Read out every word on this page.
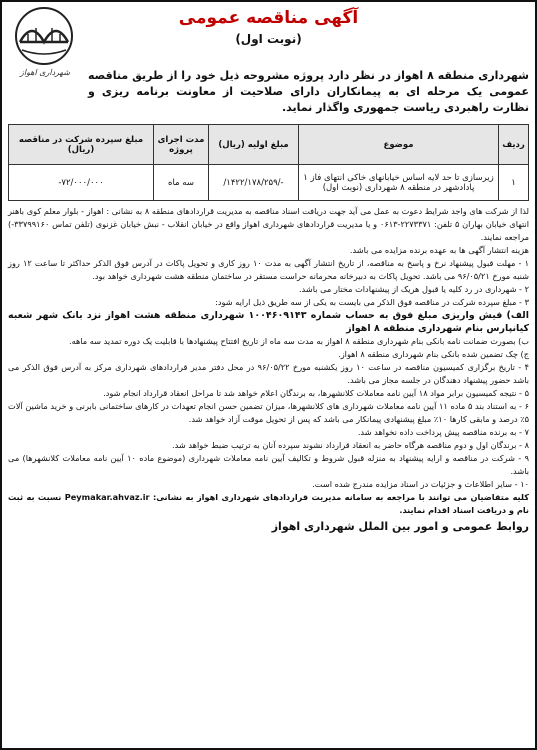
شهرداری اهواز
آگهی مناقصه عمومی
(نوبت اول)
شهرداری منطقه ۸ اهواز در نظر دارد پروژه مشروحه ذیل خود را از طریق مناقصه عمومی یک مرحله ای به پیمانکاران دارای صلاحیت از معاونت برنامه ریزی و نظارت راهبردی ریاست جمهوری واگذار نماید.
ردیف	موضوع	مبلغ اولیه (ریال)	مدت اجرای پروژه	مبلغ سپرده شرکت در مناقصه (ریال)
۱	زیرسازی تا حد لایه اساس خیابانهای خاکی انتهای فاز ۱ پادادشهر در منطقه ۸ شهرداری (نوبت اول)	-/۱۴۲۲/۱۷۸/۲۵۹/	سه ماه	۷۲/۰۰۰/۰۰۰-

لذا از شرکت های واجد شرایط دعوت به عمل می آید جهت دریافت اسناد مناقصه به مدیریت قراردادهای منطقه ۸ به نشانی : اهواز - بلوار معلم کوی باهنر انتهای خیابان بهاران ۵ تلفن: ۲۲۷۳۳۷۱-۰۶۱۳ و یا مدیریت قراردادهای شهرداری اهواز واقع در خیابان انقلاب - نبش خیابان غزنوی (تلفن تماس ۳۳۷۹۹۱۶۰-) مراجعه نمایند.

هزینه انتشار آگهی ها به عهده برنده مزایده می باشد.

۱ - مهلت قبول پیشنهاد نرخ و پاسخ به مناقصه، از تاریخ انتشار آگهی به مدت ۱۰ روز کاری و تحویل پاکات در آدرس فوق الذکر حداکثر تا ساعت ۱۲ روز شنبه مورخ ۹۶/۰۵/۲۱ می باشد. تحویل پاکات به دبیرخانه محرمانه حراست مستقر در ساختمان منطقه هشت شهرداری خواهد بود.

۲ - شهرداری در رد کلیه یا قبول هریک از پیشنهادات مختار می باشد.

۳ - مبلغ سپرده شرکت در مناقصه فوق الذکر می بایست به یکی از سه طریق ذیل ارایه شود:

الف) فیش واریزی مبلغ فوق به حساب شماره ۱۰۰۴۶۰۹۱۴۳ شهرداری منطقه هشت اهواز نزد بانک شهر شعبه کیانپارس بنام شهرداری منطقه ۸ اهواز

ب) بصورت ضمانت نامه بانکی بنام شهرداری منطقه ۸ اهواز به مدت سه ماه از تاریخ افتتاح پیشنهادها با قابلیت یک دوره تمدید سه ماهه.

ج) چک تضمین شده بانکی بنام شهرداری منطقه ۸ اهواز.

۴ - تاریخ برگزاری کمیسیون مناقصه در ساعت ۱۰ روز یکشنبه مورخ ۹۶/۰۵/۲۲ در محل دفتر مدیر قراردادهای شهرداری مرکز به آدرس فوق الذکر می باشد حضور پیشنهاد دهندگان در جلسه مجاز می باشد.

۵ - نتیجه کمیسیون برابر مواد ۱۸ آیین نامه معاملات کلانشهرها، به برندگان اعلام خواهد شد تا مراحل انعقاد قرارداد انجام شود.

۶ - به استناد بند ۵ ماده ۱۱ آیین نامه معاملات شهرداری های کلانشهرها، میزان تضمین حسن انجام تعهدات در کارهای ساختمانی بابرنی و خرید ماشین آلات ۵٪ درصد و مابقی کارها ۱۰٪ مبلغ پیشنهادی پیمانکار می باشد که پس از تحویل موقت آزاد خواهد شد.

۷ - به برنده مناقصه پیش پرداخت داده نخواهد شد.

۸ - برندگان اول و دوم مناقصه هرگاه حاضر به انعقاد قرارداد نشوند سپرده آنان به ترتیب ضبط خواهد شد.

۹ - شرکت در مناقصه و ارایه پیشنهاد به منزله قبول شروط و تکالیف آیین نامه معاملات شهرداری (موضوع ماده ۱۰ آیین نامه معاملات کلانشهرها) می باشد.

۱۰ - سایر اطلاعات و جزئیات در اسناد مزایده مندرج شده است.

کلیه متقاضیان می توانند با مراجعه به سامانه مدیریت قراردادهای شهرداری اهواز به نشانی: Peymakar.ahvaz.ir نسبت به ثبت نام و دریافت اسناد اقدام نمایند.

روابط عمومی و امور بین الملل شهرداری اهواز
